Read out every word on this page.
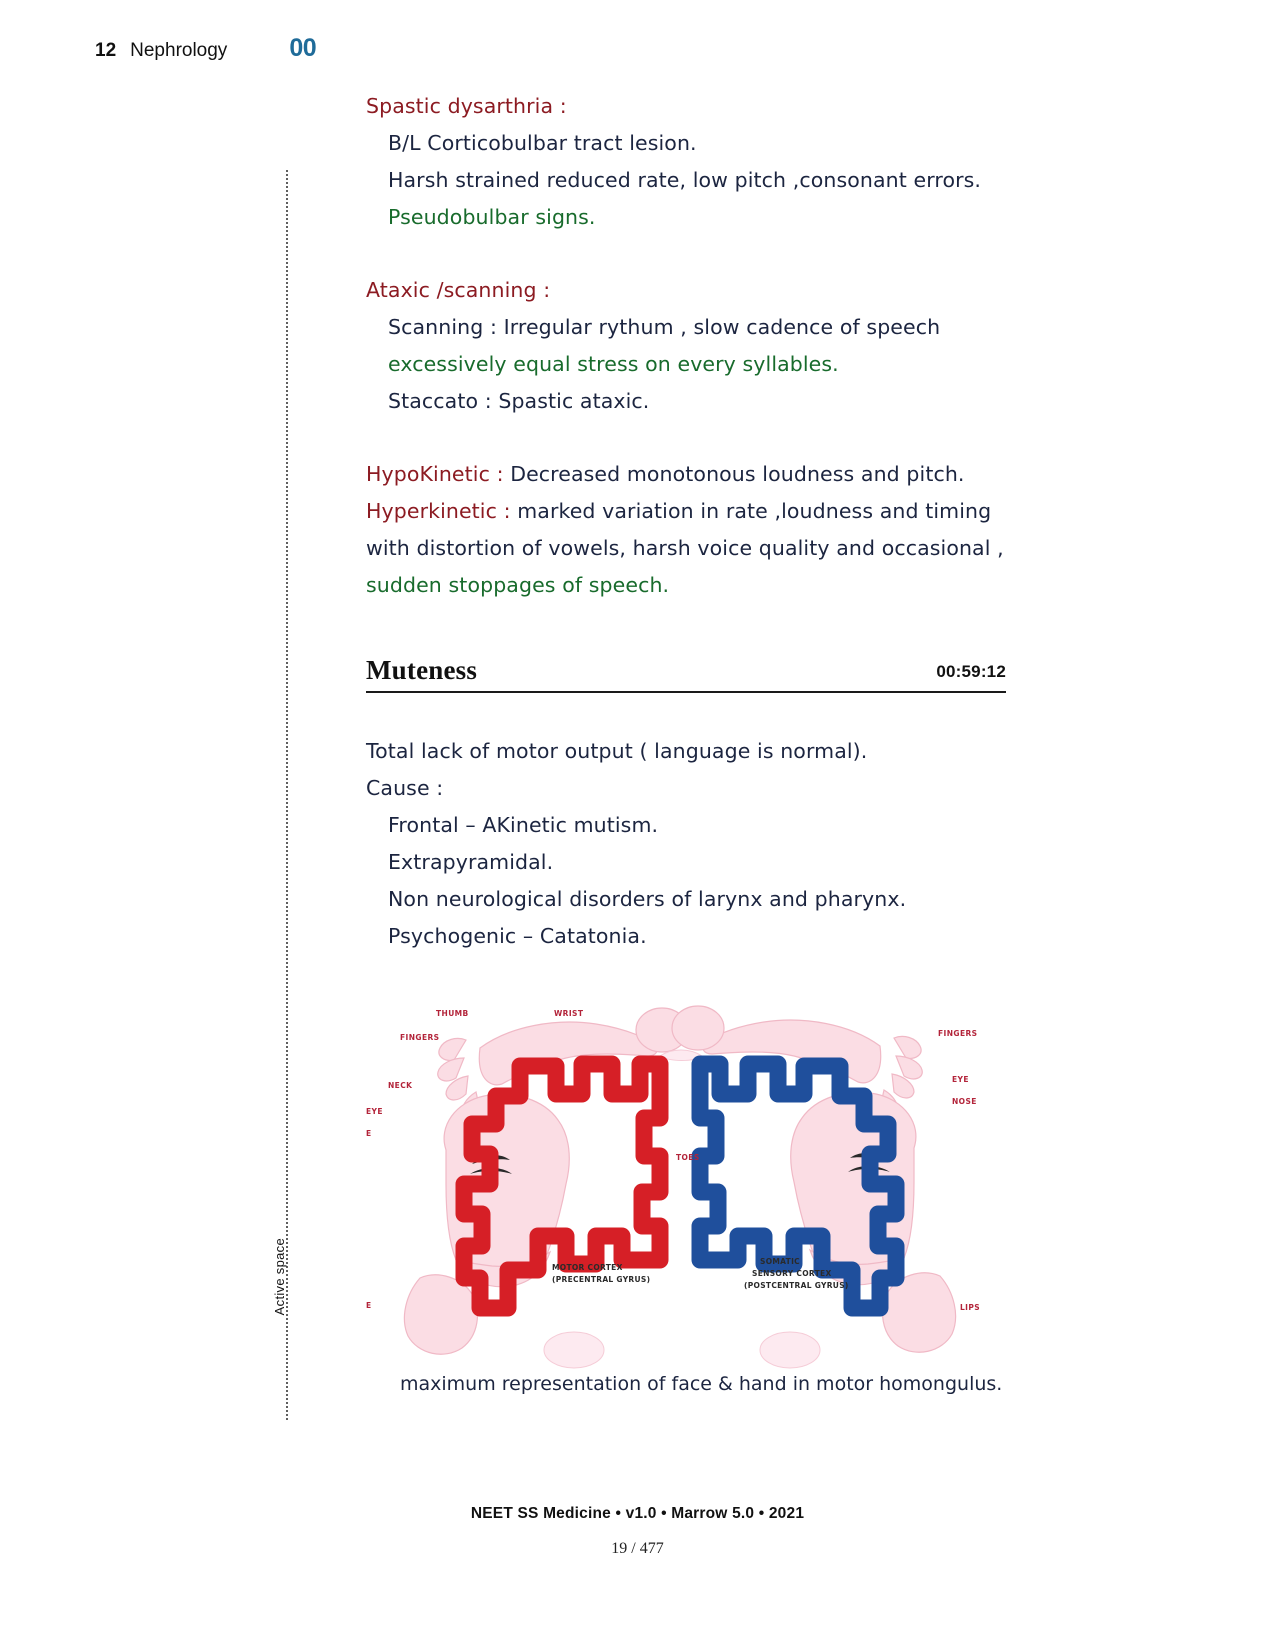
12 Nephrology 00
Active space
Spastic dysarthria :
B/L Corticobulbar tract lesion.
Harsh strained reduced rate, low pitch ,consonant errors.
Pseudobulbar signs.
Ataxic /scanning :
Scanning : Irregular rythum , slow cadence of speech
excessively equal stress on every syllables.
Staccato : Spastic ataxic.
HypoKinetic : Decreased monotonous loudness and pitch.
Hyperkinetic : marked variation in rate ,loudness and timing
with distortion of vowels, harsh voice quality and occasional ,
sudden stoppages of speech.
Muteness	00:59:12
Total lack of motor output ( language is normal).
Cause :
Frontal – AKinetic mutism.
Extrapyramidal.
Non neurological disorders of larynx and pharynx.
Psychogenic – Catatonia.
THUMB
FINGERS
NECK
EYE
E
E
WRIST
FINGERS
EYE
NOSE
LIPS
TOES
MOTOR CORTEX
(PRECENTRAL GYRUS)
SOMATIC
SENSORY CORTEX
(POSTCENTRAL GYRUS)
maximum representation of face & hand in motor homongulus.
NEET SS Medicine • v1.0 • Marrow 5.0 • 2021
19 / 477
